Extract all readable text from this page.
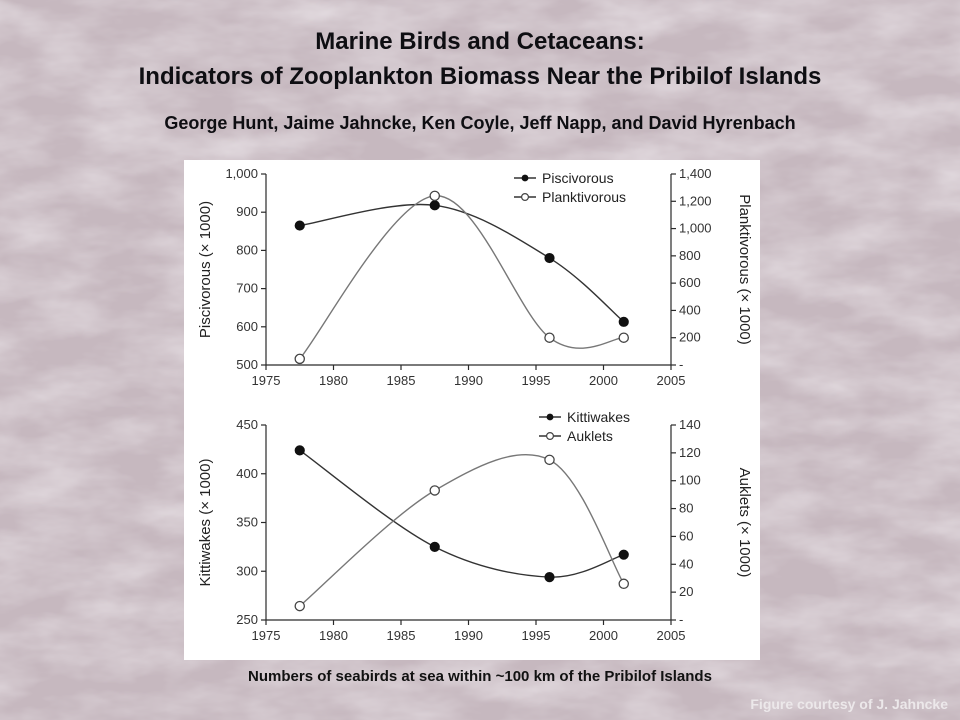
Marine Birds and Cetaceans:
Indicators of Zooplankton Biomass Near the Pribilof Islands
George Hunt, Jaime Jahncke, Ken Coyle, Jeff Napp, and David Hyrenbach
1975	1980	1985	1990	1995	2000	2005
500
600
700
800
900
1,000
-
200
400
600
800
1,000
1,200
1,400
Piscivorous (× 1000)	Planktivorous (× 1000)
Piscivorous
Planktivorous
1975	1980	1985	1990	1995	2000	2005
250
300
350
400
450
-
20
40
60
80
100
120
140
Kittiwakes (× 1000)	Auklets (× 1000)
Kittiwakes
Auklets
Numbers of seabirds at sea within ~100 km of the Pribilof Islands
Figure courtesy of J. Jahncke
